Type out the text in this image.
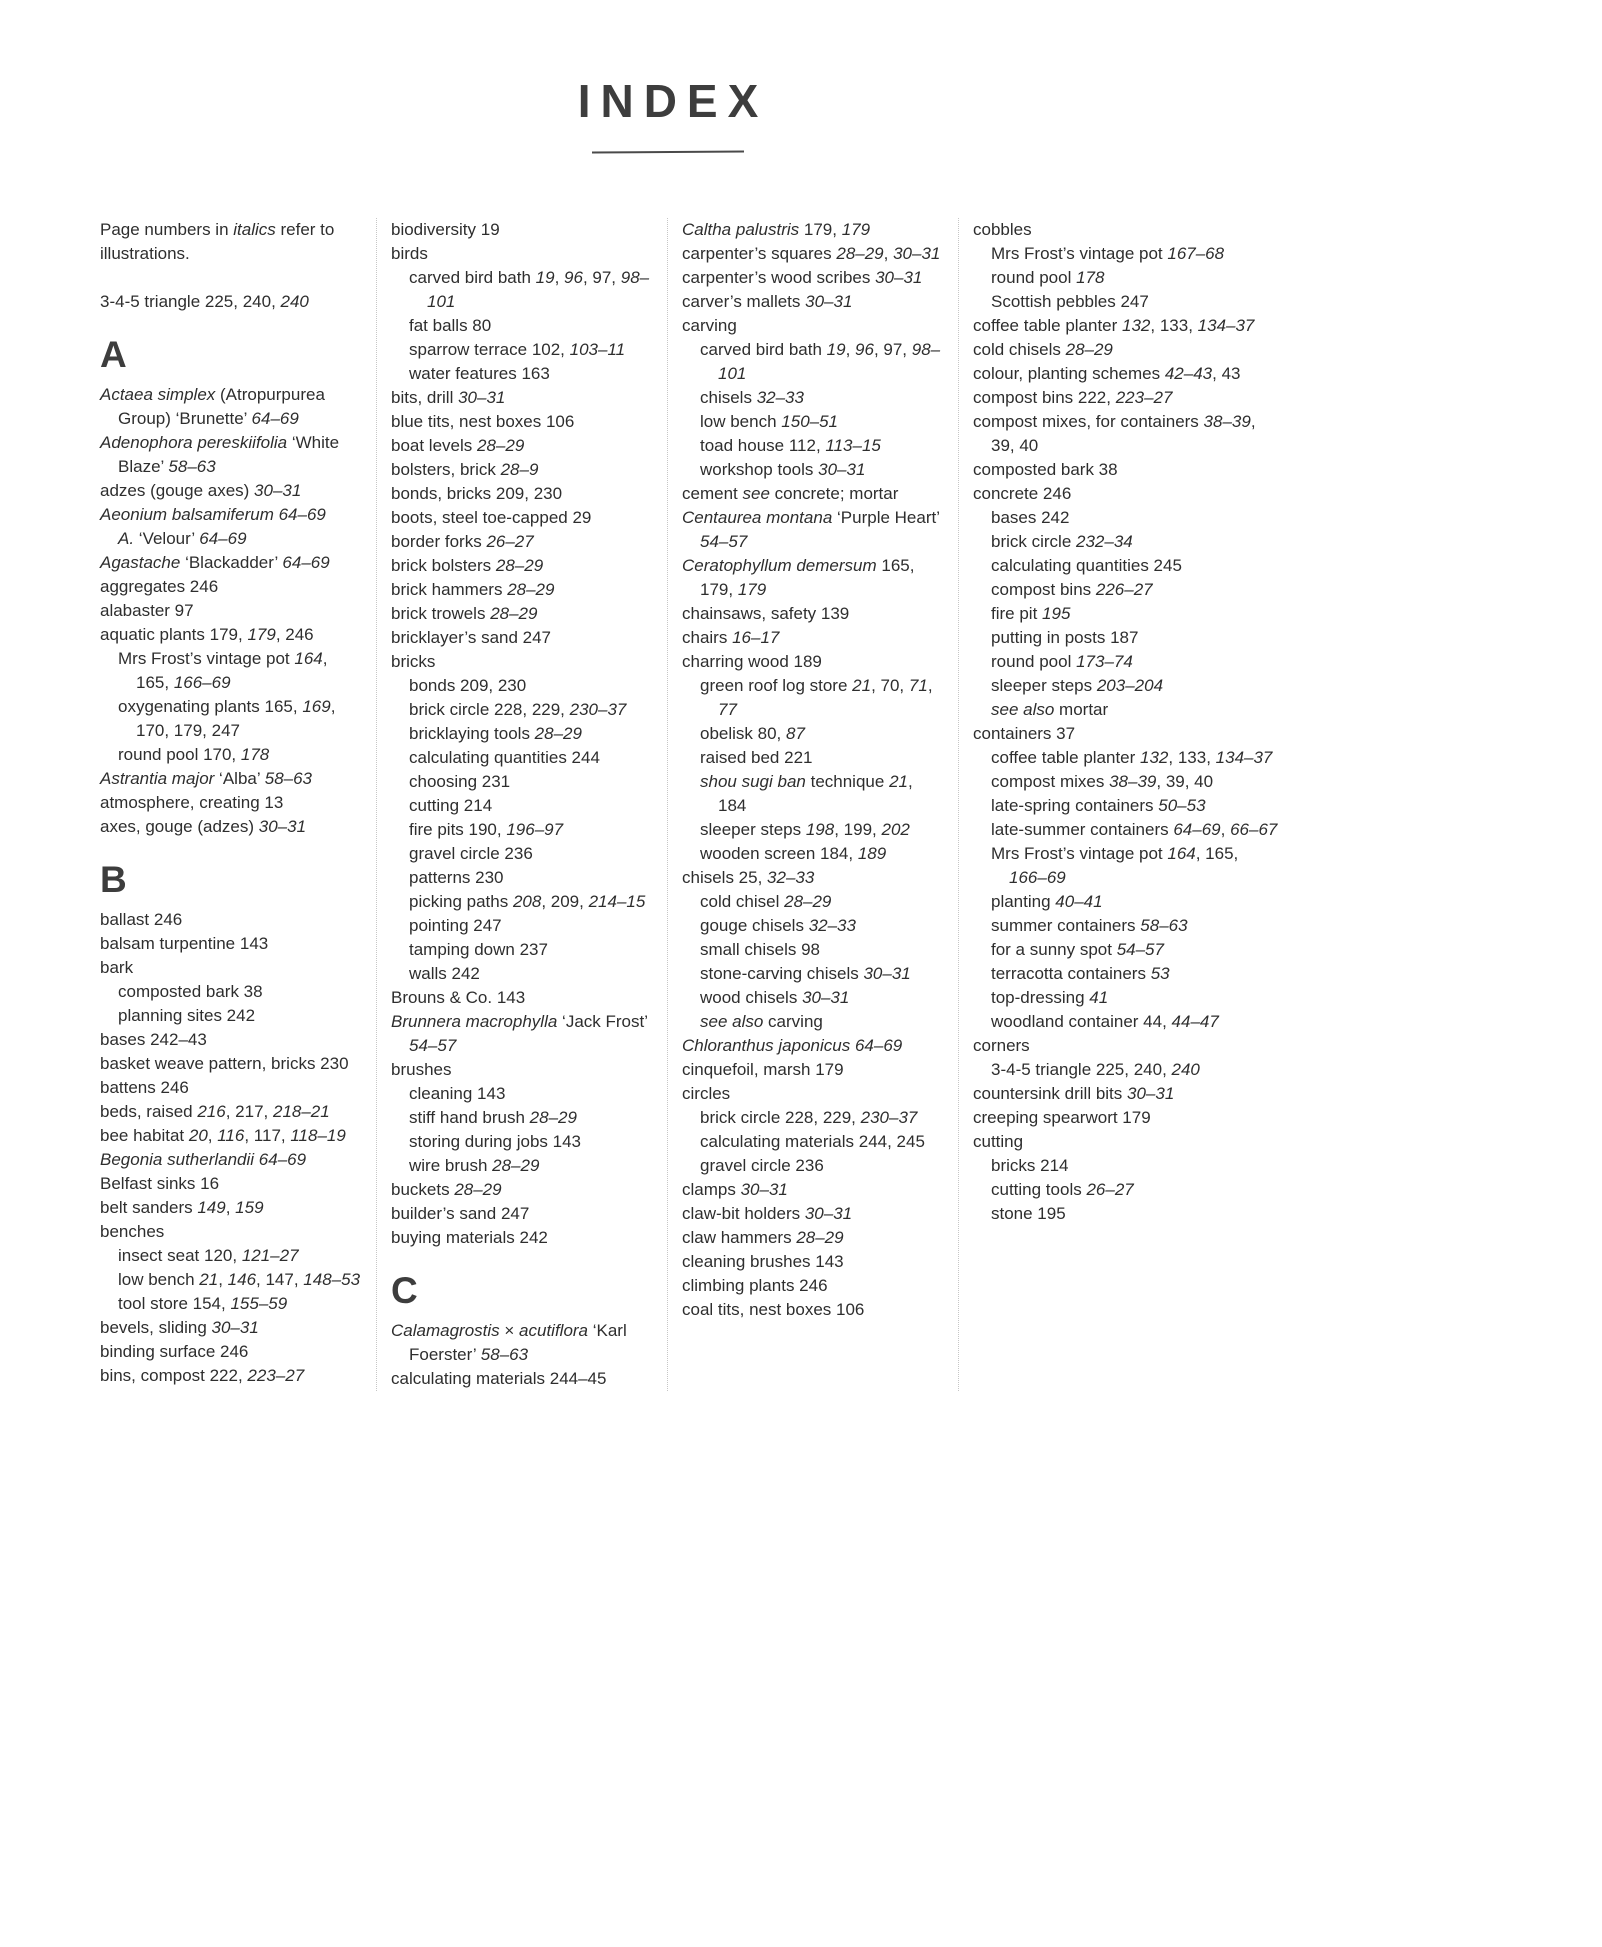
INDEX
Page numbers in italics refer to illustrations.
3-4-5 triangle 225, 240, 240
A
Actaea simplex (Atropurpurea Group) ‘Brunette’ 64–69
Adenophora pereskiifolia ‘White Blaze’ 58–63
adzes (gouge axes) 30–31
Aeonium balsamiferum 64–69
A. ‘Velour’ 64–69
Agastache ‘Blackadder’ 64–69
aggregates 246
alabaster 97
aquatic plants 179, 179, 246
Mrs Frost’s vintage pot 164, 165, 166–69
oxygenating plants 165, 169, 170, 179, 247
round pool 170, 178
Astrantia major ‘Alba’ 58–63
atmosphere, creating 13
axes, gouge (adzes) 30–31
B
ballast 246
balsam turpentine 143
bark
composted bark 38
planning sites 242
bases 242–43
basket weave pattern, bricks 230
battens 246
beds, raised 216, 217, 218–21
bee habitat 20, 116, 117, 118–19
Begonia sutherlandii 64–69
Belfast sinks 16
belt sanders 149, 159
benches
insect seat 120, 121–27
low bench 21, 146, 147, 148–53
tool store 154, 155–59
bevels, sliding 30–31
binding surface 246
bins, compost 222, 223–27
biodiversity 19
birds
carved bird bath 19, 96, 97, 98–101
fat balls 80
sparrow terrace 102, 103–11
water features 163
bits, drill 30–31
blue tits, nest boxes 106
boat levels 28–29
bolsters, brick 28–9
bonds, bricks 209, 230
boots, steel toe-capped 29
border forks 26–27
brick bolsters 28–29
brick hammers 28–29
brick trowels 28–29
bricklayer’s sand 247
bricks
bonds 209, 230
brick circle 228, 229, 230–37
bricklaying tools 28–29
calculating quantities 244
choosing 231
cutting 214
fire pits 190, 196–97
gravel circle 236
patterns 230
picking paths 208, 209, 214–15
pointing 247
tamping down 237
walls 242
Brouns & Co. 143
Brunnera macrophylla ‘Jack Frost’ 54–57
brushes
cleaning 143
stiff hand brush 28–29
storing during jobs 143
wire brush 28–29
buckets 28–29
builder’s sand 247
buying materials 242
C
Calamagrostis × acutiflora ‘Karl Foerster’ 58–63
calculating materials 244–45
Caltha palustris 179, 179
carpenter’s squares 28–29, 30–31
carpenter’s wood scribes 30–31
carver’s mallets 30–31
carving
carved bird bath 19, 96, 97, 98–101
chisels 32–33
low bench 150–51
toad house 112, 113–15
workshop tools 30–31
cement see concrete; mortar
Centaurea montana ‘Purple Heart’ 54–57
Ceratophyllum demersum 165, 179, 179
chainsaws, safety 139
chairs 16–17
charring wood 189
green roof log store 21, 70, 71, 77
obelisk 80, 87
raised bed 221
shou sugi ban technique 21, 184
sleeper steps 198, 199, 202
wooden screen 184, 189
chisels 25, 32–33
cold chisel 28–29
gouge chisels 32–33
small chisels 98
stone-carving chisels 30–31
wood chisels 30–31
see also carving
Chloranthus japonicus 64–69
cinquefoil, marsh 179
circles
brick circle 228, 229, 230–37
calculating materials 244, 245
gravel circle 236
clamps 30–31
claw-bit holders 30–31
claw hammers 28–29
cleaning brushes 143
climbing plants 246
coal tits, nest boxes 106
cobbles
Mrs Frost’s vintage pot 167–68
round pool 178
Scottish pebbles 247
coffee table planter 132, 133, 134–37
cold chisels 28–29
colour, planting schemes 42–43, 43
compost bins 222, 223–27
compost mixes, for containers 38–39, 39, 40
composted bark 38
concrete 246
bases 242
brick circle 232–34
calculating quantities 245
compost bins 226–27
fire pit 195
putting in posts 187
round pool 173–74
sleeper steps 203–204
see also mortar
containers 37
coffee table planter 132, 133, 134–37
compost mixes 38–39, 39, 40
late-spring containers 50–53
late-summer containers 64–69, 66–67
Mrs Frost’s vintage pot 164, 165, 166–69
planting 40–41
summer containers 58–63
for a sunny spot 54–57
terracotta containers 53
top-dressing 41
woodland container 44, 44–47
corners
3-4-5 triangle 225, 240, 240
countersink drill bits 30–31
creeping spearwort 179
cutting
bricks 214
cutting tools 26–27
stone 195
